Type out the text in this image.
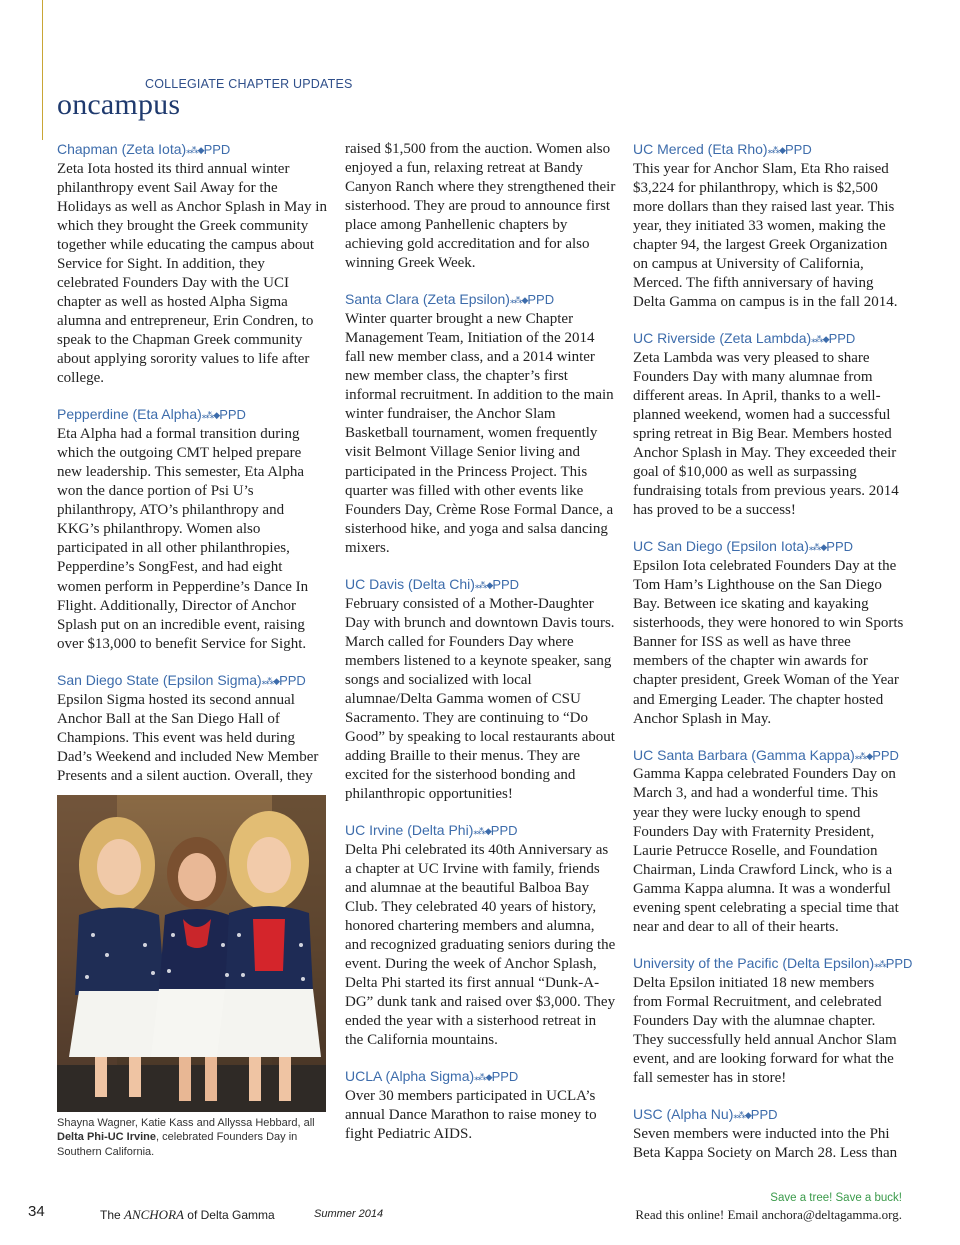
COLLEGIATE CHAPTER UPDATES
oncampus
Chapman (Zeta Iota)⁎⁂◆PPD

Zeta Iota hosted its third annual winter philanthropy event Sail Away for the Holidays as well as Anchor Splash in May in which they brought the Greek community together while educating the campus about Service for Sight. In addition, they celebrated Founders Day with the UCI chapter as well as hosted Alpha Sigma alumna and entrepreneur, Erin Condren, to speak to the Chapman Greek community about applying sorority values to life after college.

Pepperdine (Eta Alpha)⁎⁂◆PPD

Eta Alpha had a formal transition during which the outgoing CMT helped prepare new leadership. This semester, Eta Alpha won the dance portion of Psi U’s philanthropy, ATO’s philanthropy and KKG’s philanthropy. Women also participated in all other philanthropies, Pepperdine’s SongFest, and had eight women perform in Pepperdine’s Dance In Flight. Additionally, Director of Anchor Splash put on an incredible event, raising over $13,000 to benefit Service for Sight.

San Diego State (Epsilon Sigma)⁎⁂◆PPD

Epsilon Sigma hosted its second annual Anchor Ball at the San Diego Hall of Champions. This event was held during Dad’s Weekend and included New Member Presents and a silent auction. Overall, they

Shayna Wagner, Katie Kass and Allyssa Hebbard, all Delta Phi-UC Irvine, celebrated Founders Day in Southern California.

raised $1,500 from the auction. Women also enjoyed a fun, relaxing retreat at Bandy Canyon Ranch where they strengthened their sisterhood. They are proud to announce first place among Panhellenic chapters by achieving gold accreditation and for also winning Greek Week.

Santa Clara (Zeta Epsilon)⁎⁂◆PPD

Winter quarter brought a new Chapter Management Team, Initiation of the 2014 fall new member class, and a 2014 winter new member class, the chapter’s first informal recruitment. In addition to the main winter fundraiser, the Anchor Slam Basketball tournament, women frequently visit Belmont Village Senior living and participated in the Princess Project. This quarter was filled with other events like Founders Day, Crème Rose Formal Dance, a sisterhood hike, and yoga and salsa dancing mixers.

UC Davis (Delta Chi)⁎⁂◆PPD

February consisted of a Mother-Daughter Day with brunch and downtown Davis tours. March called for Founders Day where members listened to a keynote speaker, sang songs and socialized with local alumnae/Delta Gamma women of CSU Sacramento. They are continuing to “Do Good” by speaking to local restaurants about adding Braille to their menus. They are excited for the sisterhood bonding and philanthropic opportunities!

UC Irvine (Delta Phi)⁎⁂◆PPD

Delta Phi celebrated its 40th Anniversary as a chapter at UC Irvine with family, friends and alumnae at the beautiful Balboa Bay Club. They celebrated 40 years of history, honored chartering members and alumna, and recognized graduating seniors during the event. During the week of Anchor Splash, Delta Phi started its first annual “Dunk-A-DG” dunk tank and raised over $3,000. They ended the year with a sisterhood retreat in the California mountains.

UCLA (Alpha Sigma)⁎⁂◆PPD

Over 30 members participated in UCLA’s annual Dance Marathon to raise money to fight Pediatric AIDS.

UC Merced (Eta Rho)⁎⁂◆PPD

This year for Anchor Slam, Eta Rho raised $3,224 for philanthropy, which is $2,500 more dollars than they raised last year. This year, they initiated 33 women, making the chapter 94, the largest Greek Organization on campus at University of California, Merced. The fifth anniversary of having Delta Gamma on campus is in the fall 2014.

UC Riverside (Zeta Lambda)⁎⁂◆PPD

Zeta Lambda was very pleased to share Founders Day with many alumnae from different areas. In April, thanks to a well-planned weekend, women had a successful spring retreat in Big Bear. Members hosted Anchor Splash in May. They exceeded their goal of $10,000 as well as surpassing fundraising totals from previous years. 2014 has proved to be a success!

UC San Diego (Epsilon Iota)⁎⁂◆PPD

Epsilon Iota celebrated Founders Day at the Tom Ham’s Lighthouse on the San Diego Bay. Between ice skating and kayaking sisterhoods, they were honored to win Sports Banner for ISS as well as have three members of the chapter win awards for chapter president, Greek Woman of the Year and Emerging Leader. The chapter hosted Anchor Splash in May.

UC Santa Barbara (Gamma Kappa)⁎⁂◆PPD

Gamma Kappa celebrated Founders Day on March 3, and had a wonderful time. This year they were lucky enough to spend Founders Day with Fraternity President, Laurie Petrucce Roselle, and Foundation Chairman, Linda Crawford Linck, who is a Gamma Kappa alumna. It was a wonderful evening spent celebrating a special time that near and dear to all of their hearts.

University of the Pacific (Delta Epsilon)⁎⁂PPD

Delta Epsilon initiated 18 new members from Formal Recruitment, and celebrated Founders Day with the alumnae chapter. They successfully held annual Anchor Slam event, and are looking forward for what the fall semester has in store!

USC (Alpha Nu)⁎⁂◆PPD

Seven members were inducted into the Phi Beta Kappa Society on March 28. Less than

34	The ANCHORA of Delta Gamma	Summer 2014
Save a tree! Save a buck!
Read this online! Email anchora@deltagamma.org.
